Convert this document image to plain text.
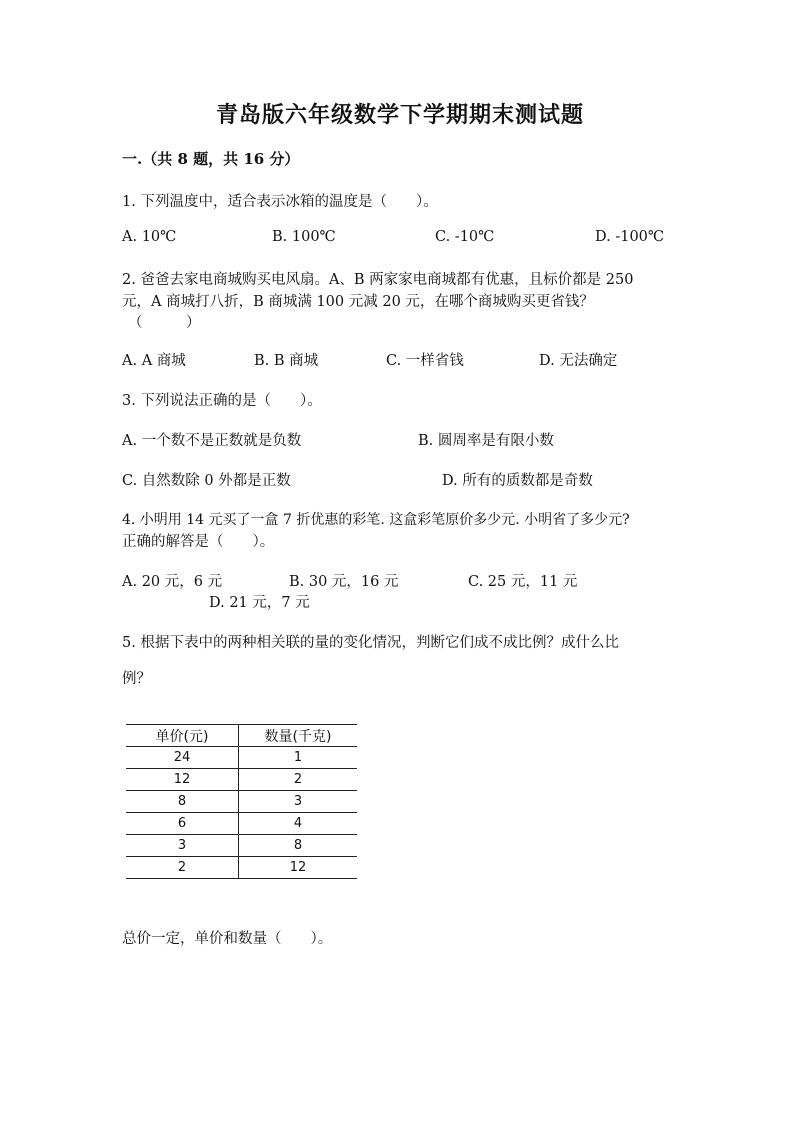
青岛版六年级数学下学期期末测试题
一.（共 8 题，共 16 分）
1. 下列温度中，适合表示冰箱的温度是（　　）。
A. 10℃	B. 100℃	C. -10℃	D. -100℃
2. 爸爸去家电商城购买电风扇。A、B 两家家电商城都有优惠，且标价都是 250
元，A 商城打八折，B 商城满 100 元减 20 元，在哪个商城购买更省钱？
（　　　）
A. A 商城	B. B 商城	C. 一样省钱	D. 无法确定
3. 下列说法正确的是（　　）。
A. 一个数不是正数就是负数	B. 圆周率是有限小数
C. 自然数除 0 外都是正数	D. 所有的质数都是奇数
4. 小明用 14 元买了一盒 7 折优惠的彩笔. 这盒彩笔原价多少元. 小明省了多少元?
正确的解答是（　　）。
A. 20 元，6 元	B. 30 元，16 元	C. 25 元，11 元
D. 21 元，7 元
5. 根据下表中的两种相关联的量的变化情况，判断它们成不成比例？成什么比
例？
单价(元)	数量(千克)
24	1
12	2
8	3
6	4
3	8
2	12
总价一定，单价和数量（　　）。
